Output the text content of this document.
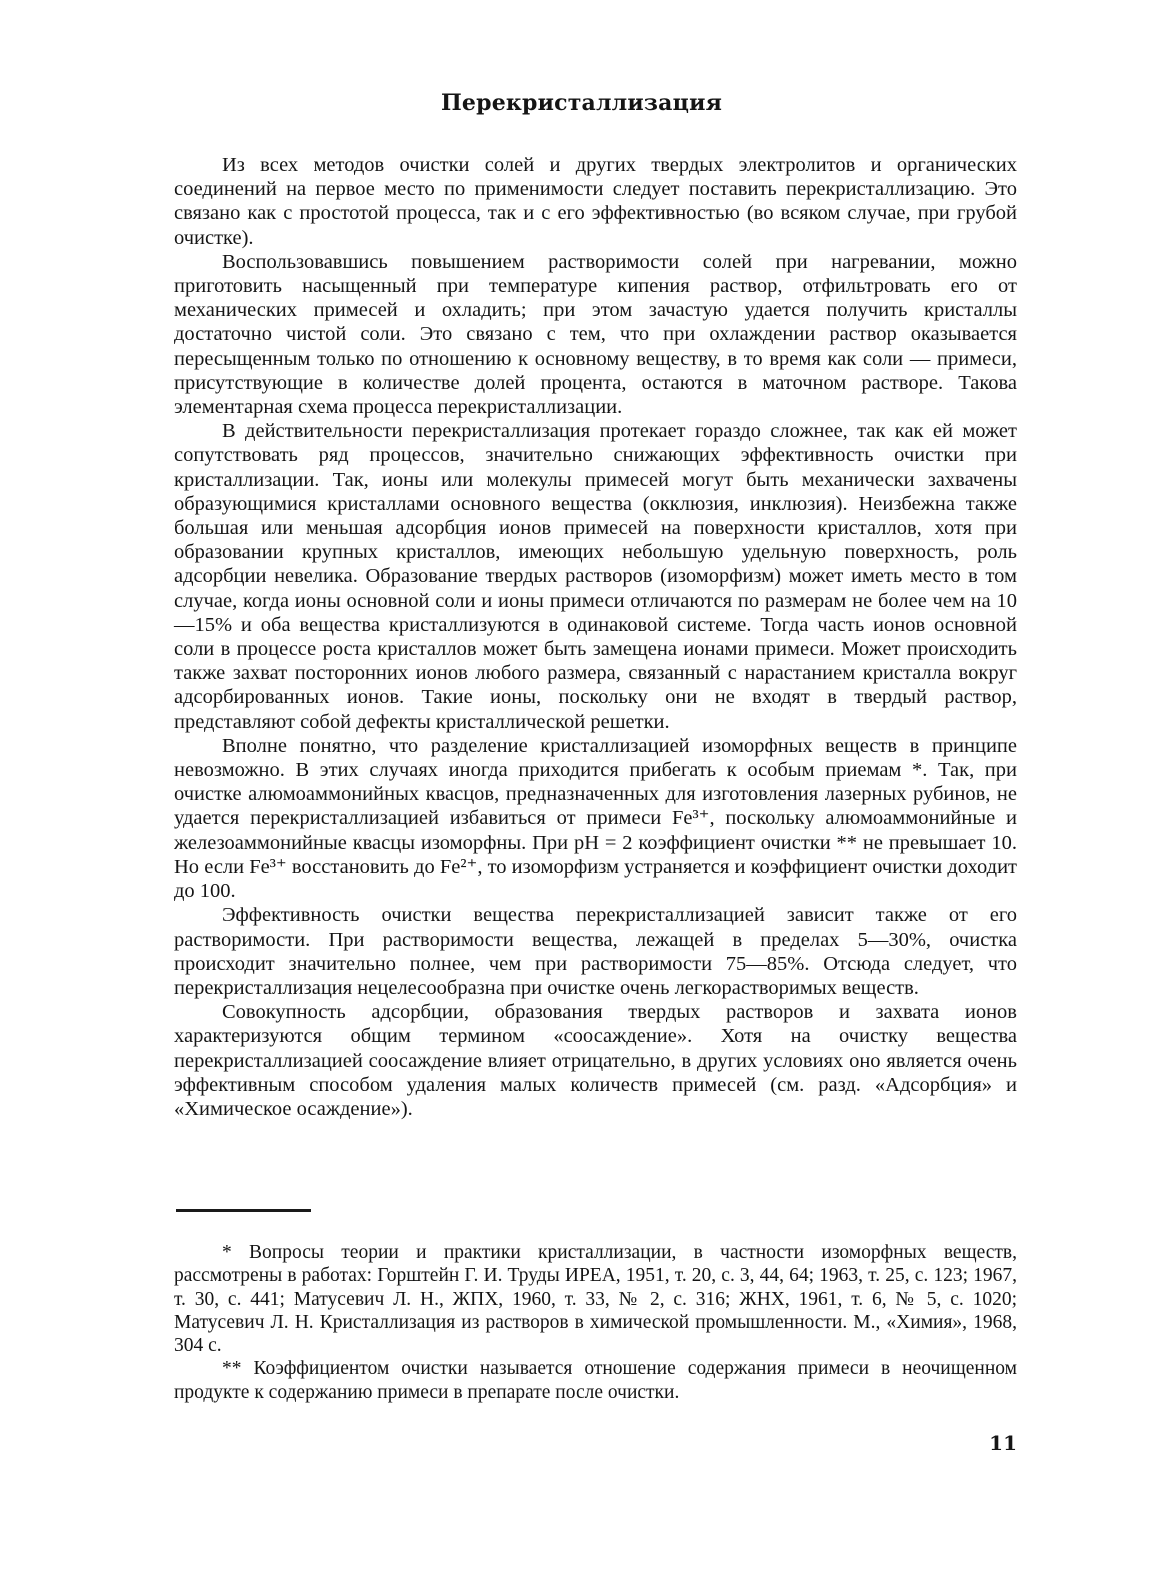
Перекристаллизация

Из всех методов очистки солей и других твердых электролитов и органических соединений на первое место по применимости следует поставить перекристаллизацию. Это связано как с простотой процесса, так и с его эффективностью (во всяком случае, при грубой очистке).

Воспользовавшись повышением растворимости солей при нагревании, можно приготовить насыщенный при температуре кипения раствор, отфильтровать его от механических примесей и охладить; при этом зачастую удается получить кристаллы достаточно чистой соли. Это связано с тем, что при охлаждении раствор оказывается пересыщенным только по отношению к основному веществу, в то время как соли — примеси, присутствующие в количестве долей процента, остаются в маточном растворе. Такова элементарная схема процесса перекристаллизации.

В действительности перекристаллизация протекает гораздо сложнее, так как ей может сопутствовать ряд процессов, значительно снижающих эффективность очистки при кристаллизации. Так, ионы или молекулы примесей могут быть механически захвачены образующимися кристаллами основного вещества (окклюзия, инклюзия). Неизбежна также большая или меньшая адсорбция ионов примесей на поверхности кристаллов, хотя при образовании крупных кристаллов, имеющих небольшую удельную поверхность, роль адсорбции невелика. Образование твердых растворов (изоморфизм) может иметь место в том случае, когда ионы основной соли и ионы примеси отличаются по размерам не более чем на 10—15% и оба вещества кристаллизуются в одинаковой системе. Тогда часть ионов основной соли в процессе роста кристаллов может быть замещена ионами примеси. Может происходить также захват посторонних ионов любого размера, связанный с нарастанием кристалла вокруг адсорбированных ионов. Такие ионы, поскольку они не входят в твердый раствор, представляют собой дефекты кристаллической решетки.

Вполне понятно, что разделение кристаллизацией изоморфных веществ в принципе невозможно. В этих случаях иногда приходится прибегать к особым приемам *. Так, при очистке алюмоаммонийных квасцов, предназначенных для изготовления лазерных рубинов, не удается перекристаллизацией избавиться от примеси Fe³⁺, поскольку алюмоаммонийные и железоаммонийные квасцы изоморфны. При pH = 2 коэффициент очистки ** не превышает 10. Но если Fe³⁺ восстановить до Fe²⁺, то изоморфизм устраняется и коэффициент очистки доходит до 100.

Эффективность очистки вещества перекристаллизацией зависит также от его растворимости. При растворимости вещества, лежащей в пределах 5—30%, очистка происходит значительно полнее, чем при растворимости 75—85%. Отсюда следует, что перекристаллизация нецелесообразна при очистке очень легкорастворимых веществ.

Совокупность адсорбции, образования твердых растворов и захвата ионов характеризуются общим термином «соосаждение». Хотя на очистку вещества перекристаллизацией соосаждение влияет отрицательно, в других условиях оно является очень эффективным способом удаления малых количеств примесей (см. разд. «Адсорбция» и «Химическое осаждение»).

* Вопросы теории и практики кристаллизации, в частности изоморфных веществ, рассмотрены в работах: Горштейн Г. И. Труды ИРЕА, 1951, т. 20, с. 3, 44, 64; 1963, т. 25, с. 123; 1967, т. 30, с. 441; Матусевич Л. Н., ЖПХ, 1960, т. 33, № 2, с. 316; ЖНХ, 1961, т. 6, № 5, с. 1020; Матусевич Л. Н. Кристаллизация из растворов в химической промышленности. М., «Химия», 1968, 304 с.

** Коэффициентом очистки называется отношение содержания примеси в неочищенном продукте к содержанию примеси в препарате после очистки.

11
